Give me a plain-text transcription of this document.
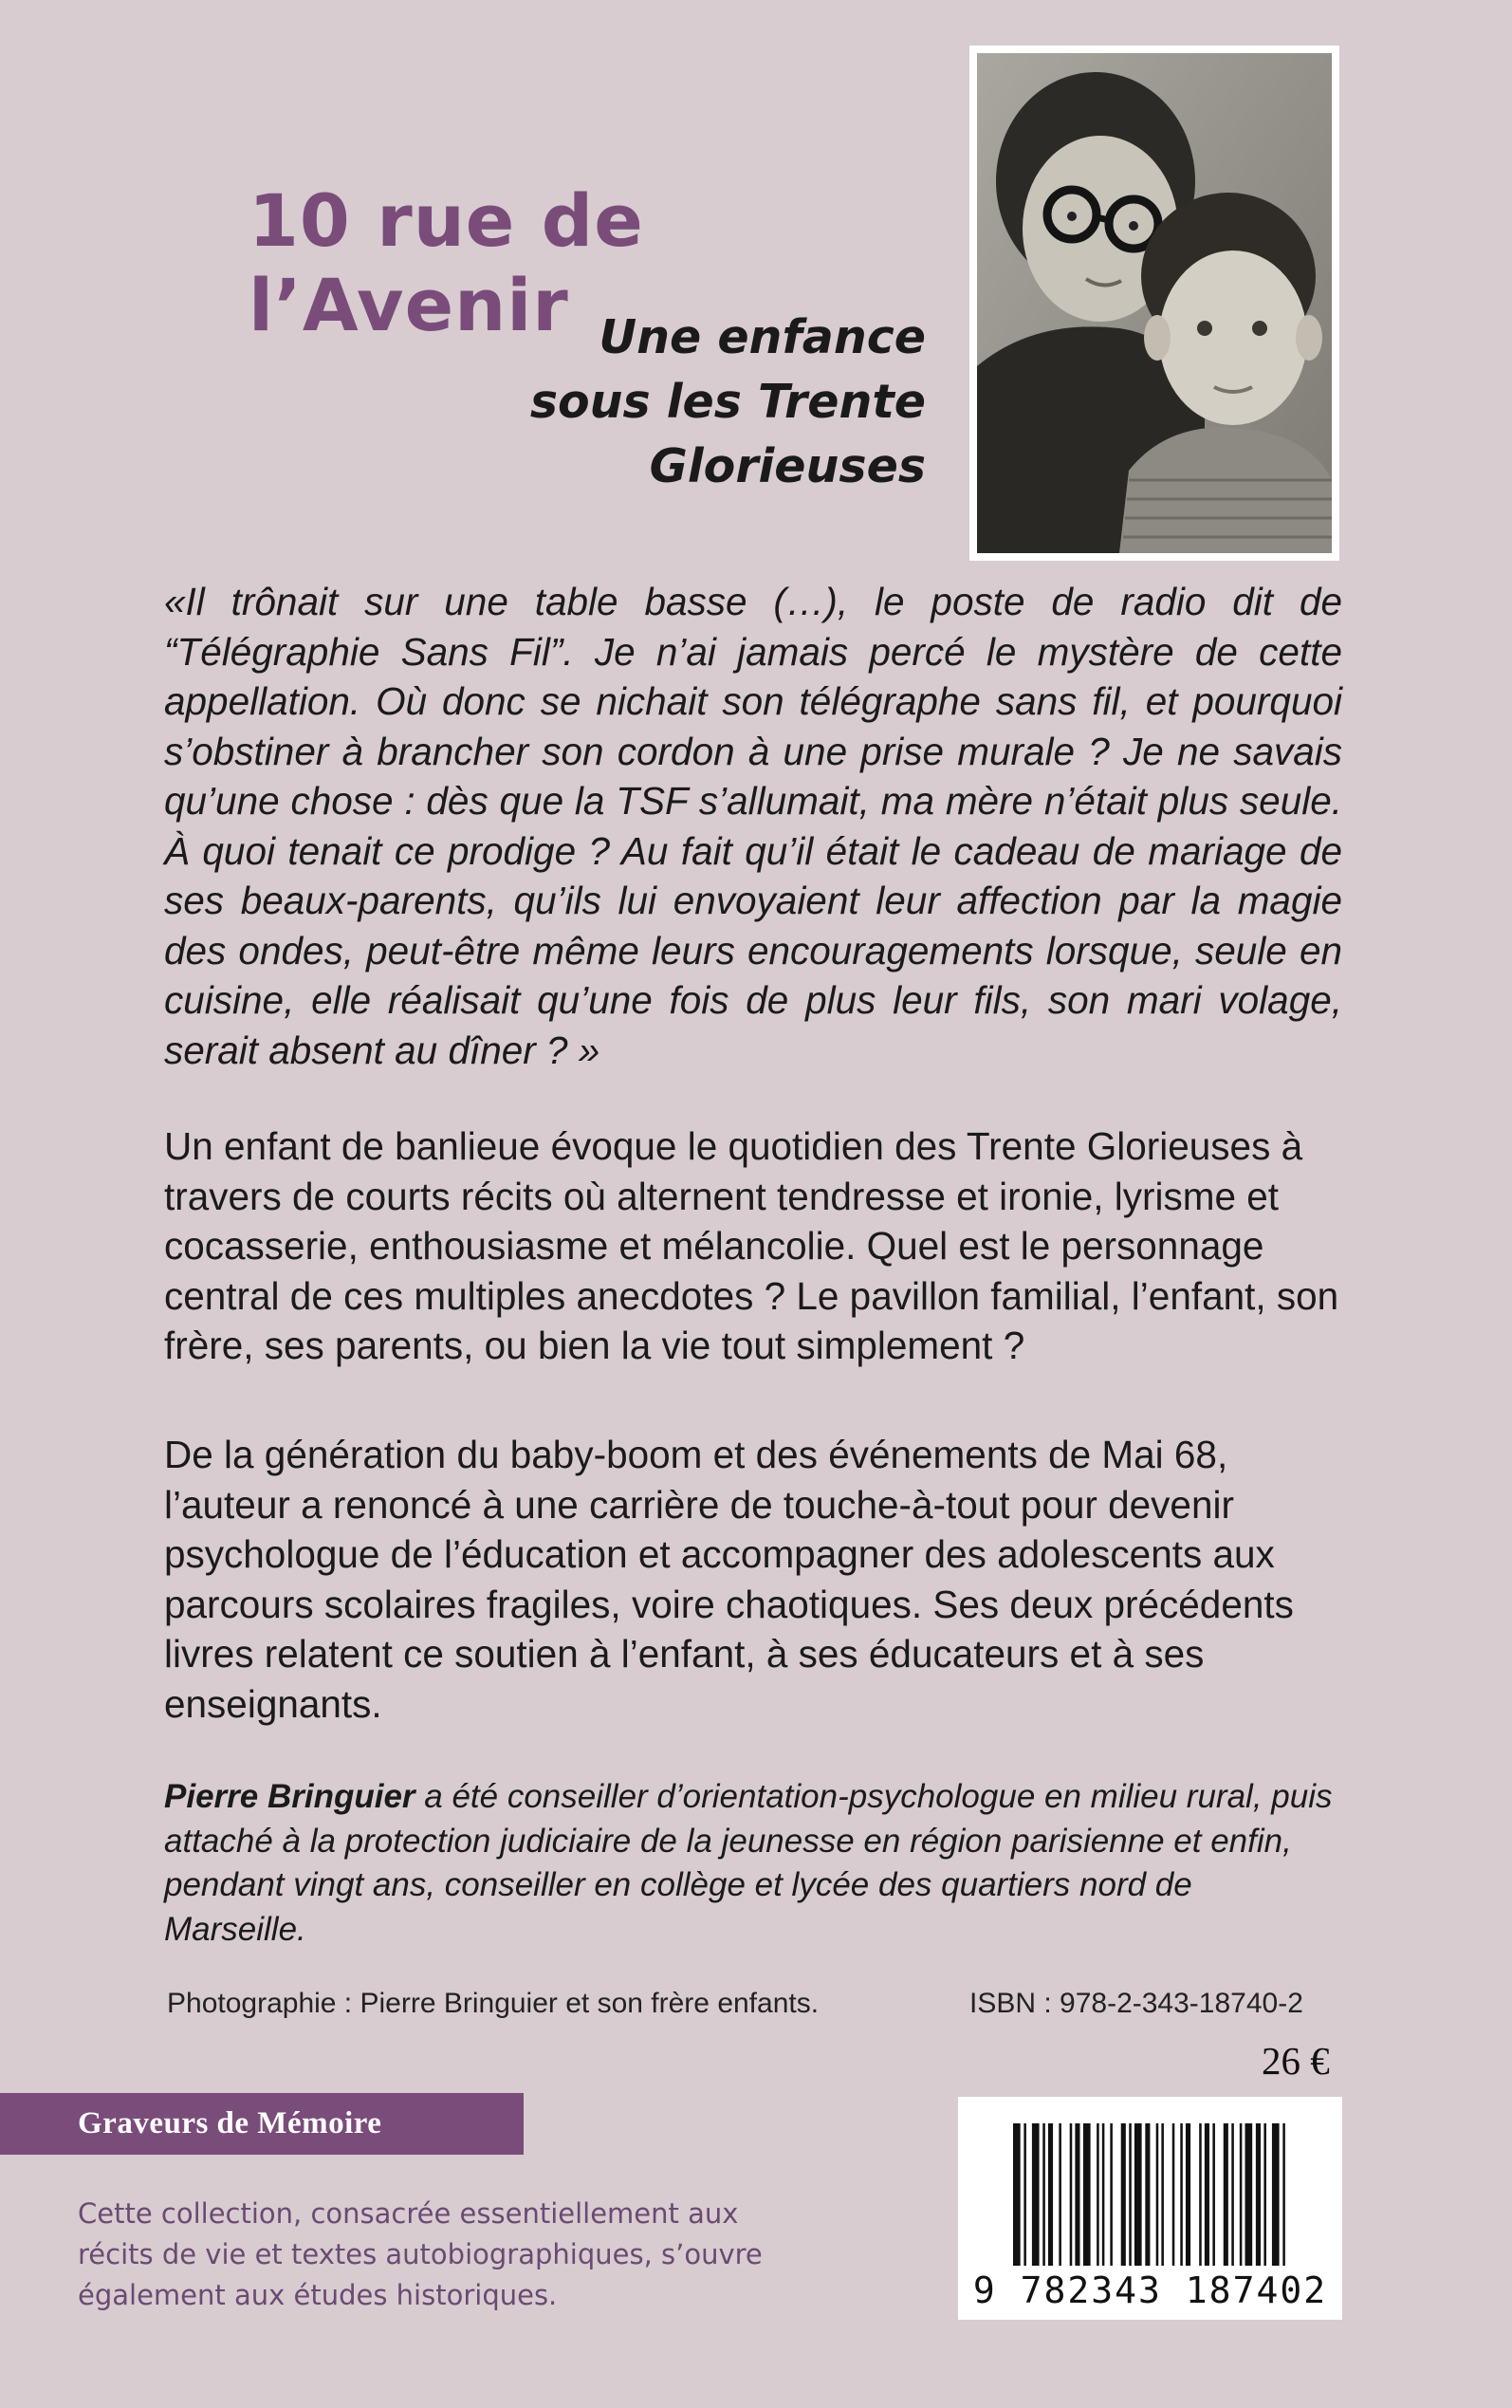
10 rue de l’Avenir Une enfance
sous les Trente Glorieuses

«Il trônait sur une table basse (…), le poste de radio dit de “Télégraphie Sans Fil”. Je n’ai jamais percé le mystère de cette appellation. Où donc se nichait son télégraphe sans fil, et pourquoi s’obstiner à brancher son cordon à une prise murale ? Je ne savais qu’une chose : dès que la TSF s’allumait, ma mère n’était plus seule. À quoi tenait ce prodige ? Au fait qu’il était le cadeau de mariage de ses beaux-parents, qu’ils lui envoyaient leur affection par la magie des ondes, peut-être même leurs encouragements lorsque, seule en cuisine, elle réalisait qu’une fois de plus leur fils, son mari volage, serait absent au dîner ? »

Un enfant de banlieue évoque le quotidien des Trente Glorieuses à travers de courts récits où alternent tendresse et ironie, lyrisme et cocasserie, enthousiasme et mélancolie. Quel est le personnage central de ces multiples anecdotes ? Le pavillon familial, l’enfant, son frère, ses parents, ou bien la vie tout simplement ?

De la génération du baby-boom et des événements de Mai 68, l’auteur a renoncé à une carrière de touche-à-tout pour devenir psychologue de l’éducation et accompagner des adolescents aux parcours scolaires fragiles, voire chaotiques. Ses deux précédents livres relatent ce soutien à l’enfant, à ses éducateurs et à ses enseignants.

Pierre Bringuier a été conseiller d’orientation-psychologue en milieu rural, puis attaché à la protection judiciaire de la jeunesse en région parisienne et enfin, pendant vingt ans, conseiller en collège et lycée des quartiers nord de Marseille.

Photographie : Pierre Bringuier et son frère enfants.	ISBN : 978-2-343-18740-2
26 €
Graveurs de Mémoire
Cette collection, consacrée essentiellement aux récits de vie et textes autobiographiques, s’ouvre également aux études historiques.	9 782343 187402
